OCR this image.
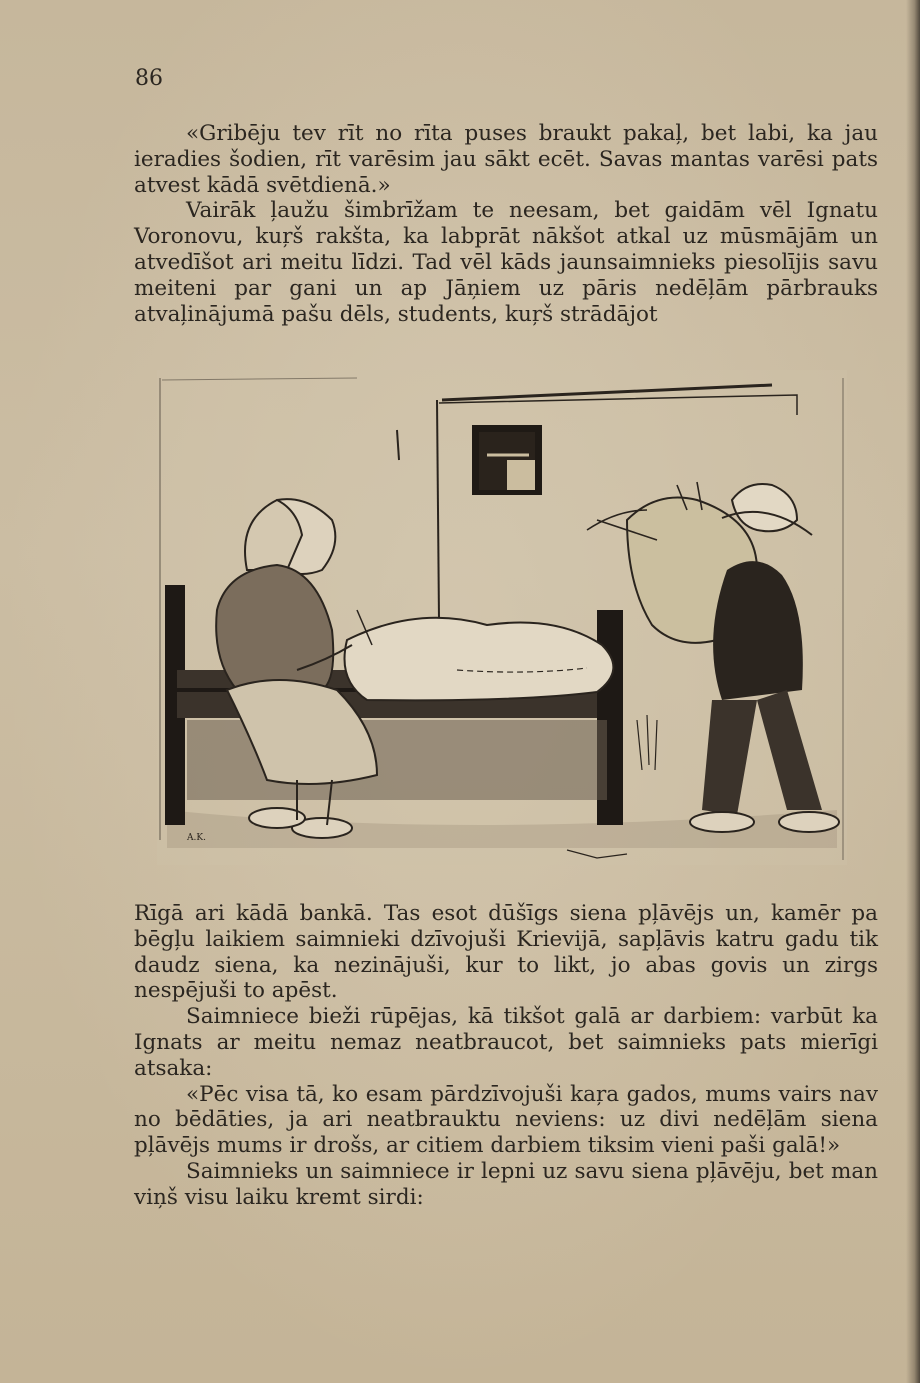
86

«Gribēju tev rīt no rīta puses braukt pakaļ, bet labi, ka jau ieradies šodien, rīt varēsim jau sākt ecēt. Savas mantas varēsi pats atvest kādā svētdienā.»

Vairāk ļaužu šimbrīžam te neesam, bet gaidām vēl Ignatu Voronovu, kuŗš rakšta, ka labprāt nākšot atkal uz mūsmājām un atvedīšot ari meitu līdzi. Tad vēl kāds jaunsaimnieks piesolījis savu meiteni par gani un ap Jāņiem uz pāris nedēļām pārbrauks atvaļinājumā pašu dēls, students, kuŗš strādājot

A.K.

Rīgā ari kādā bankā. Tas esot dūšīgs siena pļāvējs un, kamēr pa bēgļu laikiem saimnieki dzīvojuši Krievijā, sapļāvis katru gadu tik daudz siena, ka nezinājuši, kur to likt, jo abas govis un zirgs nespējuši to apēst.

Saimniece bieži rūpējas, kā tikšot galā ar darbiem: varbūt ka Ignats ar meitu nemaz neatbraucot, bet saimnieks pats mierīgi atsaka:

«Pēc visa tā, ko esam pārdzīvojuši kaŗa gados, mums vairs nav no bēdāties, ja ari neatbrauktu neviens: uz divi nedēļām siena pļāvējs mums ir drošs, ar citiem darbiem tiksim vieni paši galā!»

Saimnieks un saimniece ir lepni uz savu siena pļāvēju, bet man viņš visu laiku kremt sirdi:
